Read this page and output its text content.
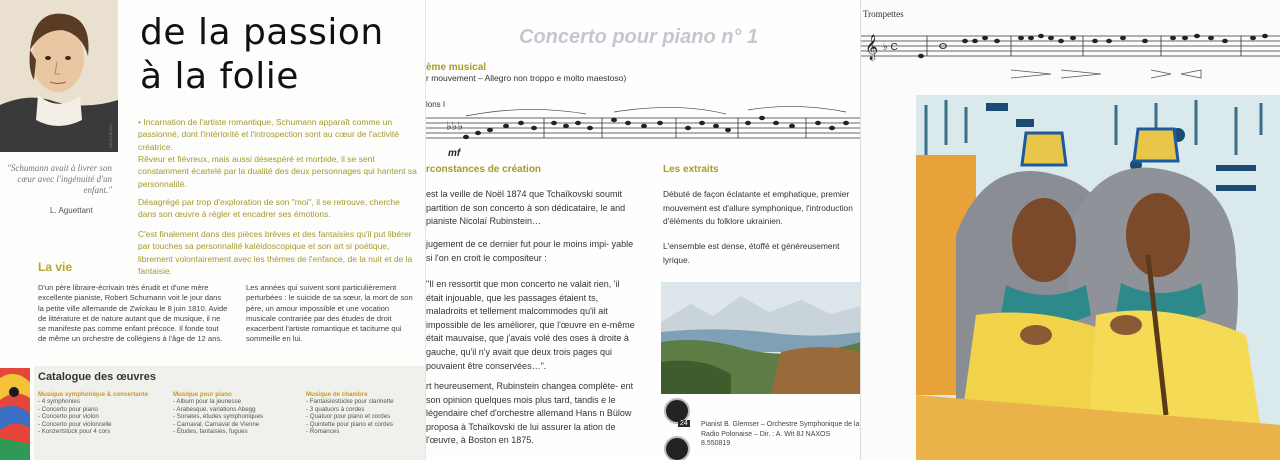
BRIDGEMAN
de la passion
à la folie
"Schumann avait à livrer son cœur avec l'ingénuité d'un enfant."
L. Aguettant
• Incarnation de l'artiste romantique, Schumann apparaît comme un passionné, dont l'intériorité et l'introspection sont au cœur de l'activité créatrice.
Rêveur et fiévreux, mais aussi désespéré et morbide, il se sent constamment écartelé par la dualité des deux personnages qui hantent sa personnalité.
Désagrégé par trop d'exploration de son "moi", il se retrouve, cherche dans son œuvre à régler et encadrer ses émotions.
C'est finalement dans des pièces brèves et des fantaisies qu'il put libérer par touches sa personnalité kaléidoscopique et son art si poétique, librement volontairement avec les thèmes de l'enfance, de la nuit et de la fantaisie.
La vie
D'un père libraire-écrivain très érudit et d'une mère excellente pianiste, Robert Schumann voit le jour dans la petite ville allemande de Zwickau le 8 juin 1810. Avide de littérature et de nature autant que de musique, il ne se manifeste pas comme enfant précoce. Il fonde tout de même un orchestre de collégiens à l'âge de 12 ans.
Les années qui suivent sont particulièrement perturbées : le suicide de sa sœur, la mort de son père, un amour impossible et une vocation musicale contrariée par des études de droit exacerbent l'artiste romantique et taciturne qui sommeille en lui.
Catalogue des œuvres
Musique symphonique & concertante
- 4 symphonies
- Concerto pour piano
- Concerto pour violon
- Concerto pour violoncelle
- Konzertstück pour 4 cors
Musique pour piano
- Album pour la jeunesse
- Arabesque, variations Abegg
- Sonates, études symphoniques
- Carnaval, Carnaval de Vienne
- Études, fantaisies, fugues
Musique de chambre
- Fantaisiestücke pour clarinette
- 3 quatuors à cordes
- Quatuor pour piano et cordes
- Quintette pour piano et cordes
- Romances
Concerto pour piano n° 1
ème musical
r mouvement – Allegro non troppo e molto maestoso)
lons I
♭♭♭
mf
rconstances de création
est la veille de Noël 1874 que Tchaïkovski soumit partition de son concerto à son dédicataire, le and pianiste Nicolaï Rubinstein…
jugement de ce dernier fut pour le moins impi- yable si l'on en croit le compositeur :
"Il en ressortit que mon concerto ne valait rien, 'il était injouable, que les passages étaient ts, maladroits et tellement malcommodes qu'il ait impossible de les améliorer, que l'œuvre en e-même était mauvaise, que j'avais volé des oses à droite à gauche, qu'il n'y avait que deux trois pages qui pouvaient être conservées…".
rt heureusement, Rubinstein changea complète- ent son opinion quelques mois plus tard, tandis e le légendaire chef d'orchestre allemand Hans n Bülow proposa à Tchaïkovski de lui assurer la ation de l'œuvre, à Boston en 1875.
Les extraits
Débuté de façon éclatante et emphatique, premier mouvement est d'allure symphonique, l'introduction d'éléments du folklore ukrainien.
L'ensemble est dense, étoffé et généreusement lyrique.
24 Pianist B. Glemser – Orchestre Symphonique de la Radio Polonaise – Dir. : A. Wit 8J NAXOS 8.550819
Trompettes
𝄞 ♭ C
